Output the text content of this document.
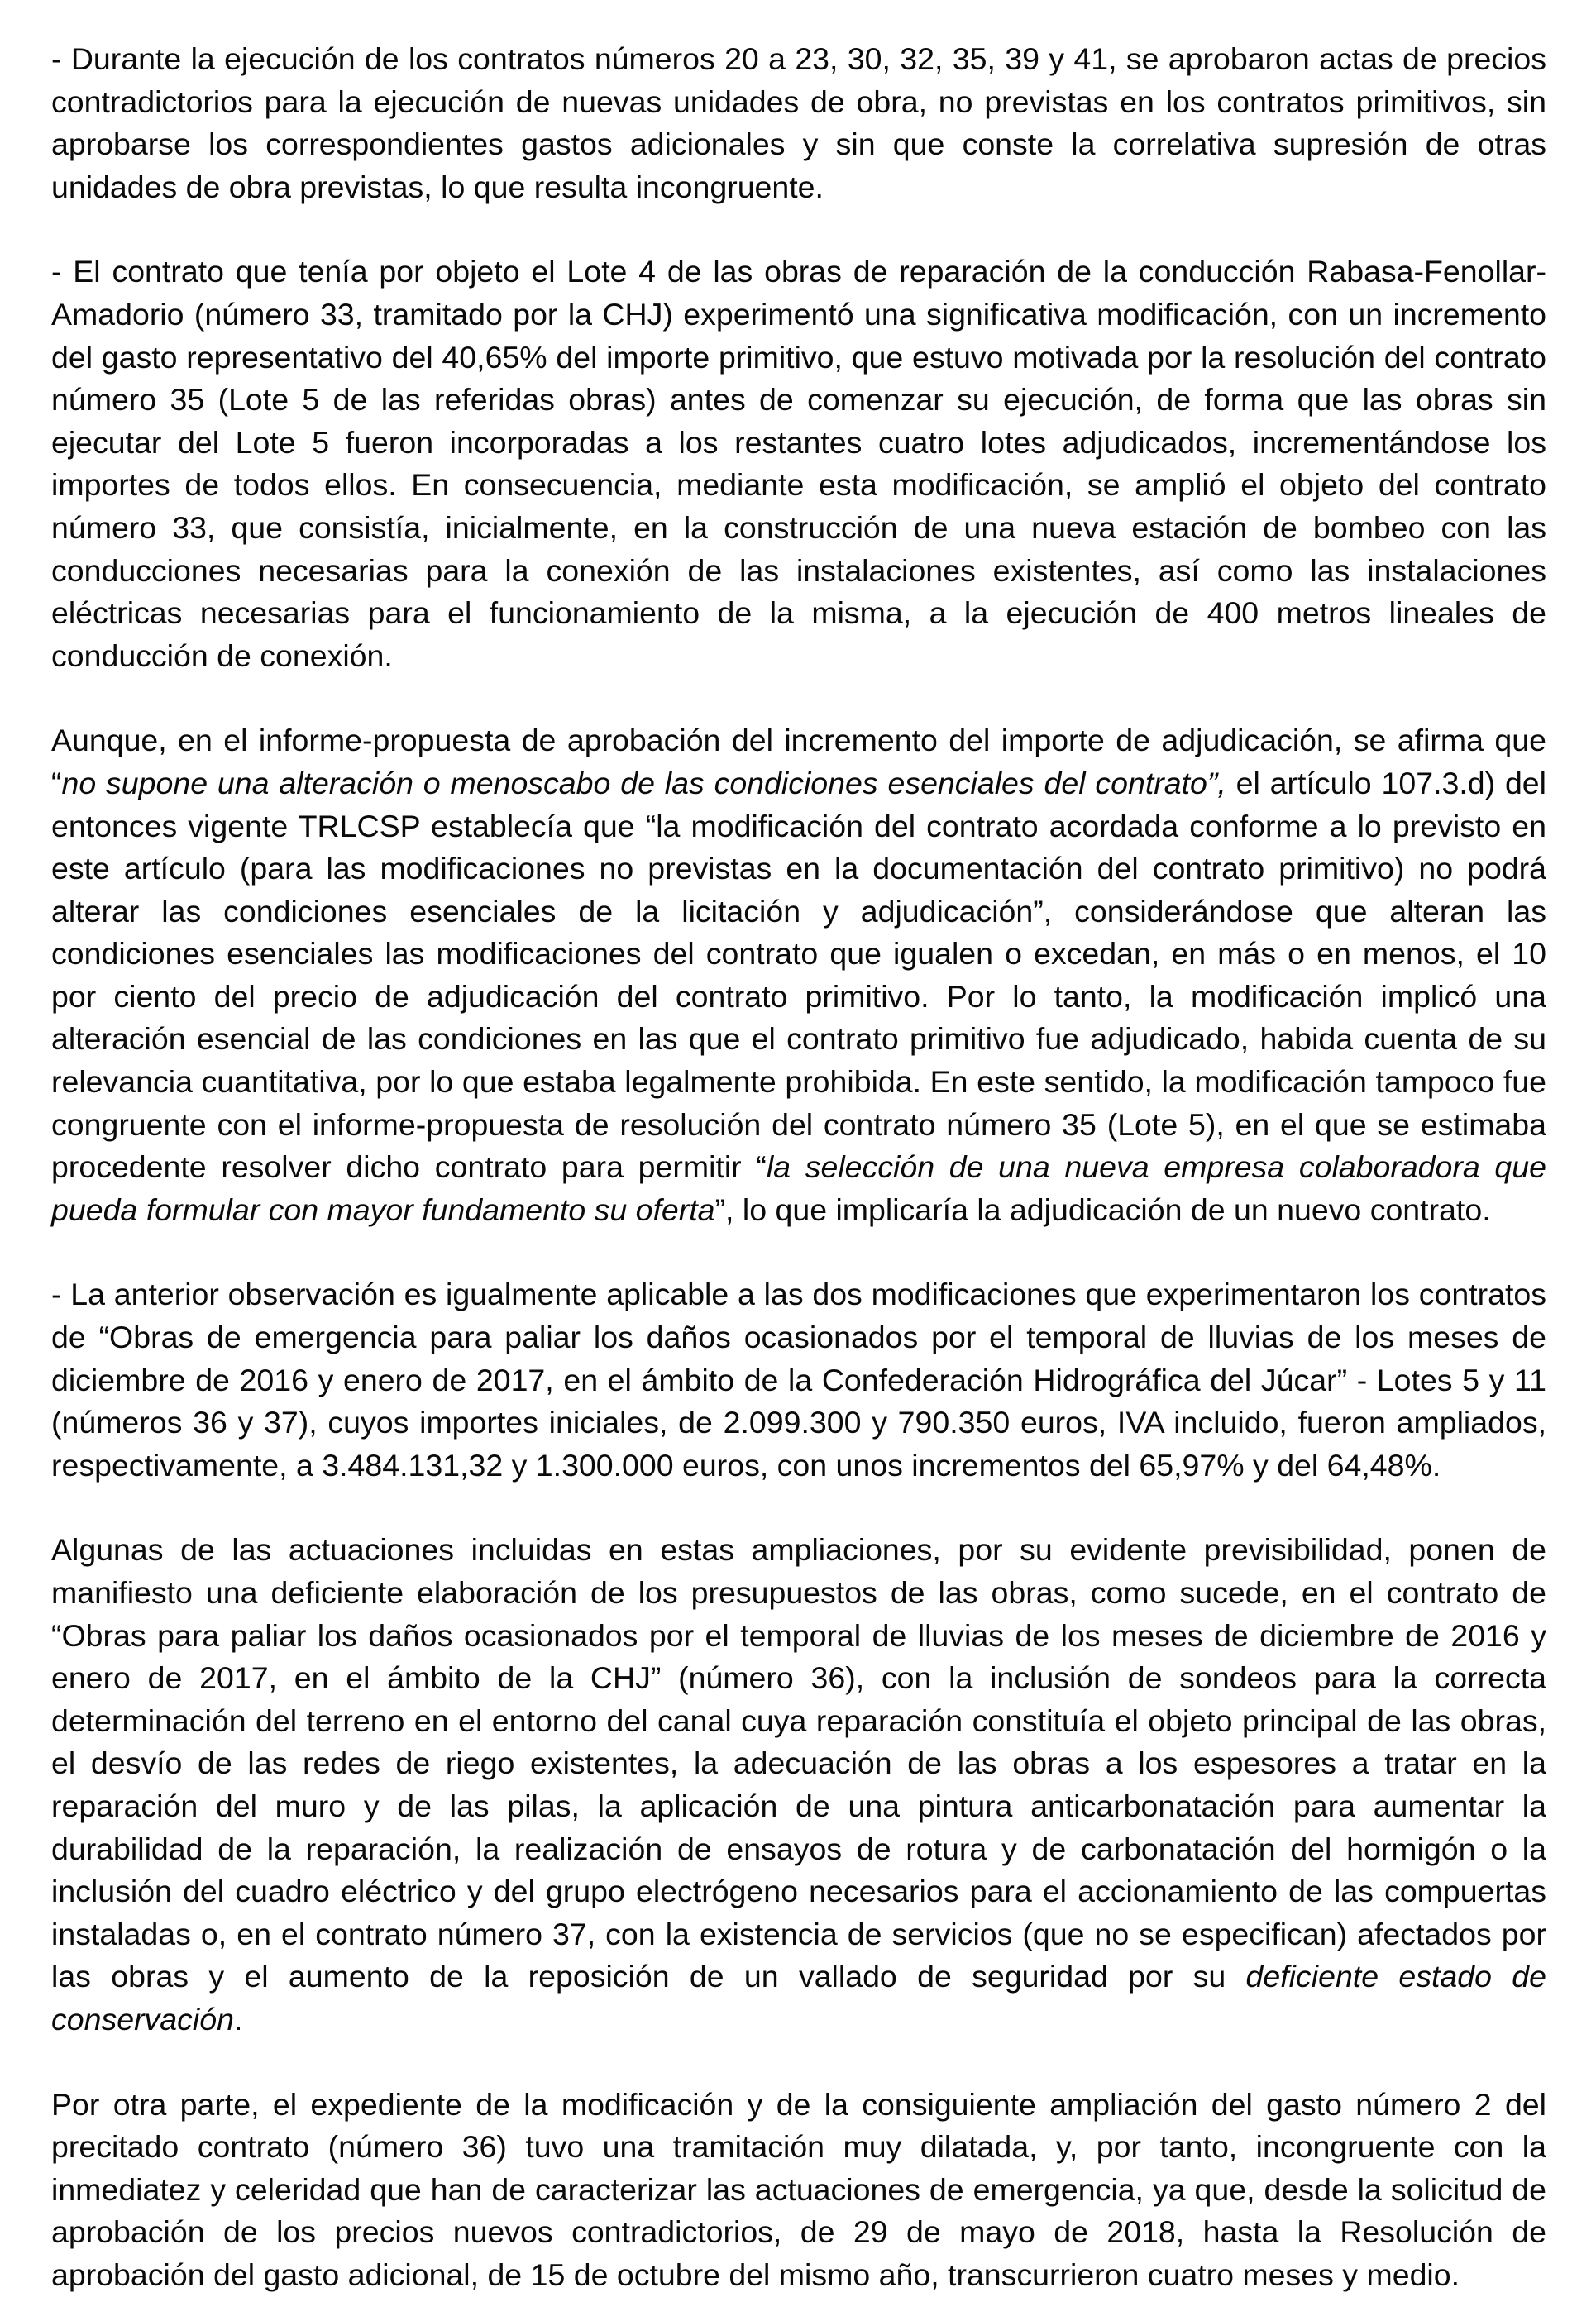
- Durante la ejecución de los contratos números 20 a 23, 30, 32, 35, 39 y 41, se aprobaron actas de precios contradictorios para la ejecución de nuevas unidades de obra, no previstas en los contratos primitivos, sin aprobarse los correspondientes gastos adicionales y sin que conste la correlativa supresión de otras unidades de obra previstas, lo que resulta incongruente.

- El contrato que tenía por objeto el Lote 4 de las obras de reparación de la conducción Rabasa-Fenollar-Amadorio (número 33, tramitado por la CHJ) experimentó una significativa modificación, con un incremento del gasto representativo del 40,65% del importe primitivo, que estuvo motivada por la resolución del contrato número 35 (Lote 5 de las referidas obras) antes de comenzar su ejecución, de forma que las obras sin ejecutar del Lote 5 fueron incorporadas a los restantes cuatro lotes adjudicados, incrementándose los importes de todos ellos. En consecuencia, mediante esta modificación, se amplió el objeto del contrato número 33, que consistía, inicialmente, en la construcción de una nueva estación de bombeo con las conducciones necesarias para la conexión de las instalaciones existentes, así como las instalaciones eléctricas necesarias para el funcionamiento de la misma, a la ejecución de 400 metros lineales de conducción de conexión.

Aunque, en el informe-propuesta de aprobación del incremento del importe de adjudicación, se afirma que “no supone una alteración o menoscabo de las condiciones esenciales del contrato”, el artículo 107.3.d) del entonces vigente TRLCSP establecía que “la modificación del contrato acordada conforme a lo previsto en este artículo (para las modificaciones no previstas en la documentación del contrato primitivo) no podrá alterar las condiciones esenciales de la licitación y adjudicación”, considerándose que alteran las condiciones esenciales las modificaciones del contrato que igualen o excedan, en más o en menos, el 10 por ciento del precio de adjudicación del contrato primitivo. Por lo tanto, la modificación implicó una alteración esencial de las condiciones en las que el contrato primitivo fue adjudicado, habida cuenta de su relevancia cuantitativa, por lo que estaba legalmente prohibida. En este sentido, la modificación tampoco fue congruente con el informe-propuesta de resolución del contrato número 35 (Lote 5), en el que se estimaba procedente resolver dicho contrato para permitir “la selección de una nueva empresa colaboradora que pueda formular con mayor fundamento su oferta”, lo que implicaría la adjudicación de un nuevo contrato.

- La anterior observación es igualmente aplicable a las dos modificaciones que experimentaron los contratos de “Obras de emergencia para paliar los daños ocasionados por el temporal de lluvias de los meses de diciembre de 2016 y enero de 2017, en el ámbito de la Confederación Hidrográfica del Júcar” - Lotes 5 y 11 (números 36 y 37), cuyos importes iniciales, de 2.099.300 y 790.350 euros, IVA incluido, fueron ampliados, respectivamente, a 3.484.131,32 y 1.300.000 euros, con unos incrementos del 65,97% y del 64,48%.

Algunas de las actuaciones incluidas en estas ampliaciones, por su evidente previsibilidad, ponen de manifiesto una deficiente elaboración de los presupuestos de las obras, como sucede, en el contrato de “Obras para paliar los daños ocasionados por el temporal de lluvias de los meses de diciembre de 2016 y enero de 2017, en el ámbito de la CHJ” (número 36), con la inclusión de sondeos para la correcta determinación del terreno en el entorno del canal cuya reparación constituía el objeto principal de las obras, el desvío de las redes de riego existentes, la adecuación de las obras a los espesores a tratar en la reparación del muro y de las pilas, la aplicación de una pintura anticarbonatación para aumentar la durabilidad de la reparación, la realización de ensayos de rotura y de carbonatación del hormigón o la inclusión del cuadro eléctrico y del grupo electrógeno necesarios para el accionamiento de las compuertas instaladas o, en el contrato número 37, con la existencia de servicios (que no se especifican) afectados por las obras y el aumento de la reposición de un vallado de seguridad por su deficiente estado de conservación.

Por otra parte, el expediente de la modificación y de la consiguiente ampliación del gasto número 2 del precitado contrato (número 36) tuvo una tramitación muy dilatada, y, por tanto, incongruente con la inmediatez y celeridad que han de caracterizar las actuaciones de emergencia, ya que, desde la solicitud de aprobación de los precios nuevos contradictorios, de 29 de mayo de 2018, hasta la Resolución de aprobación del gasto adicional, de 15 de octubre del mismo año, transcurrieron cuatro meses y medio.
